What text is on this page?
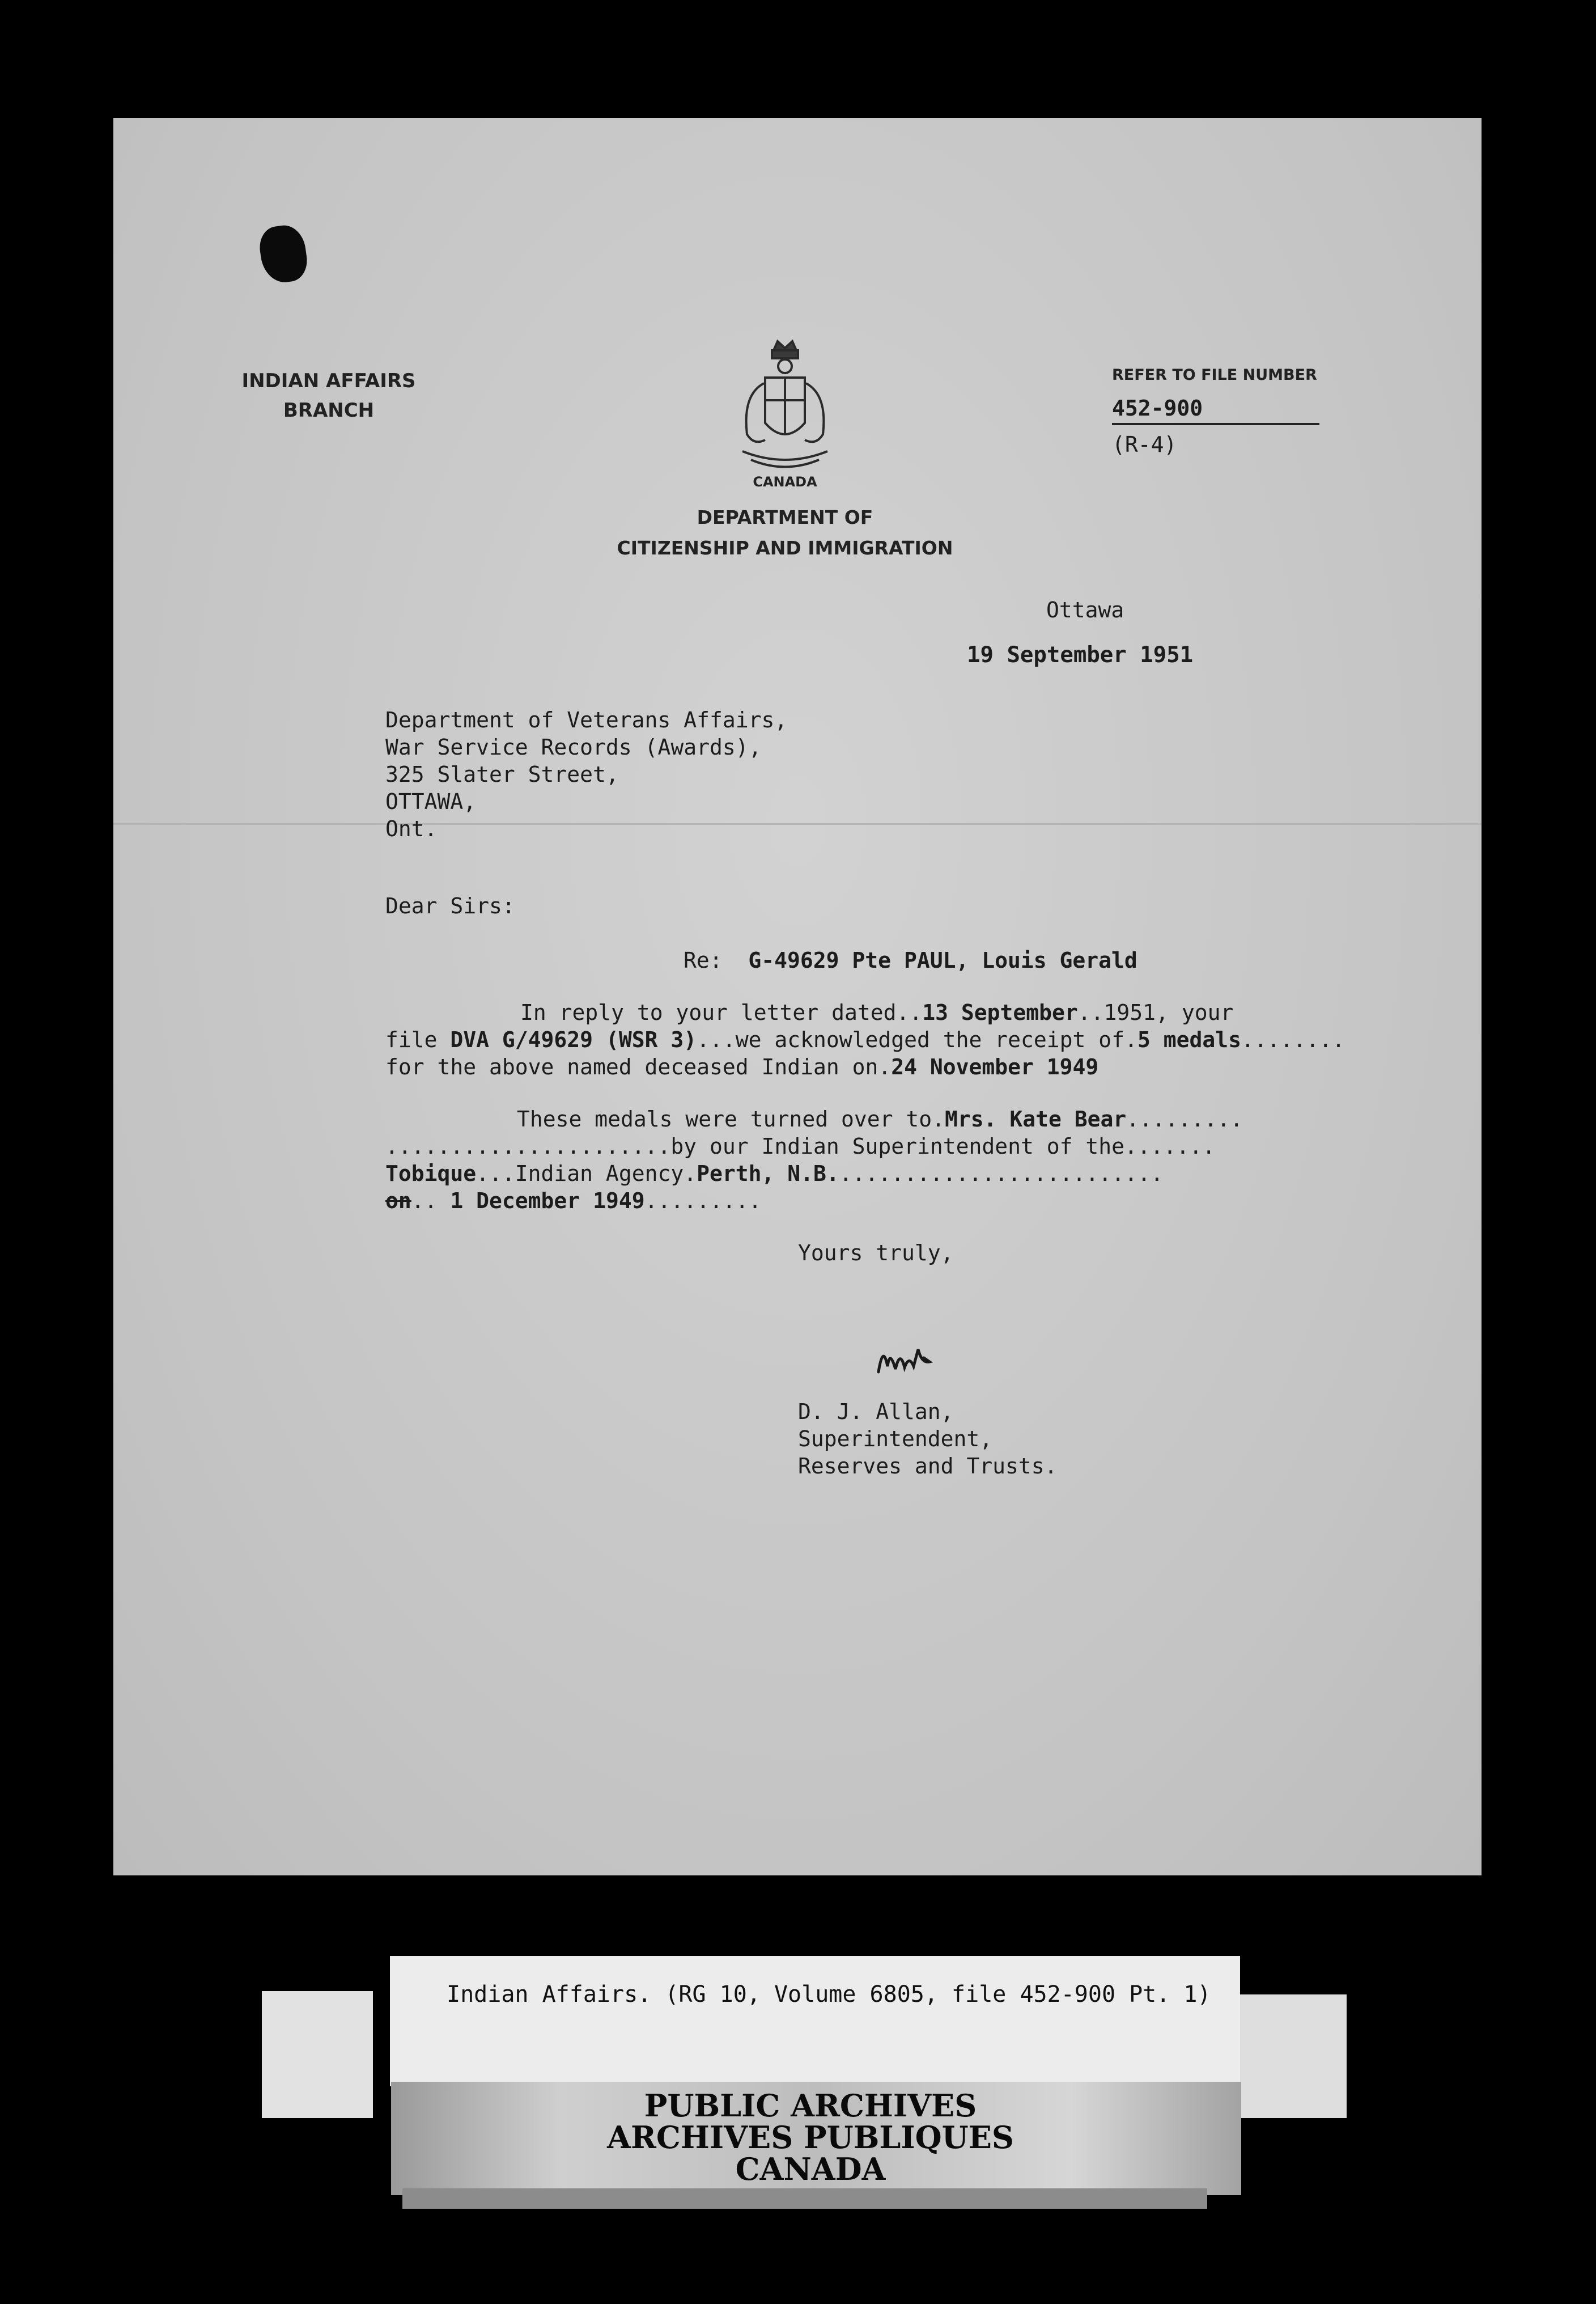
INDIAN AFFAIRS
BRANCH
CANADA
DEPARTMENT OF
CITIZENSHIP AND IMMIGRATION
REFER TO FILE NUMBER
452-900
(R-4)
Ottawa
19 September 1951
Department of Veterans Affairs,
War Service Records (Awards),
325 Slater Street,
OTTAWA,
Ont.
Dear Sirs:
Re: G-49629 Pte PAUL, Louis Gerald
In reply to your letter dated..13 September..1951, your
file DVA G/49629 (WSR 3)...we acknowledged the receipt of.5 medals........
for the above named deceased Indian on.24 November 1949
These medals were turned over to.Mrs. Kate Bear.........
......................by our Indian Superintendent of the.......
Tobique...Indian Agency.Perth, N.B..........................
on.. 1 December 1949.........
Yours truly,
D. J. Allan,
Superintendent,
Reserves and Trusts.
Indian Affairs. (RG 10, Volume 6805, file 452-900 Pt. 1)
PUBLIC ARCHIVES
ARCHIVES PUBLIQUES
CANADA
